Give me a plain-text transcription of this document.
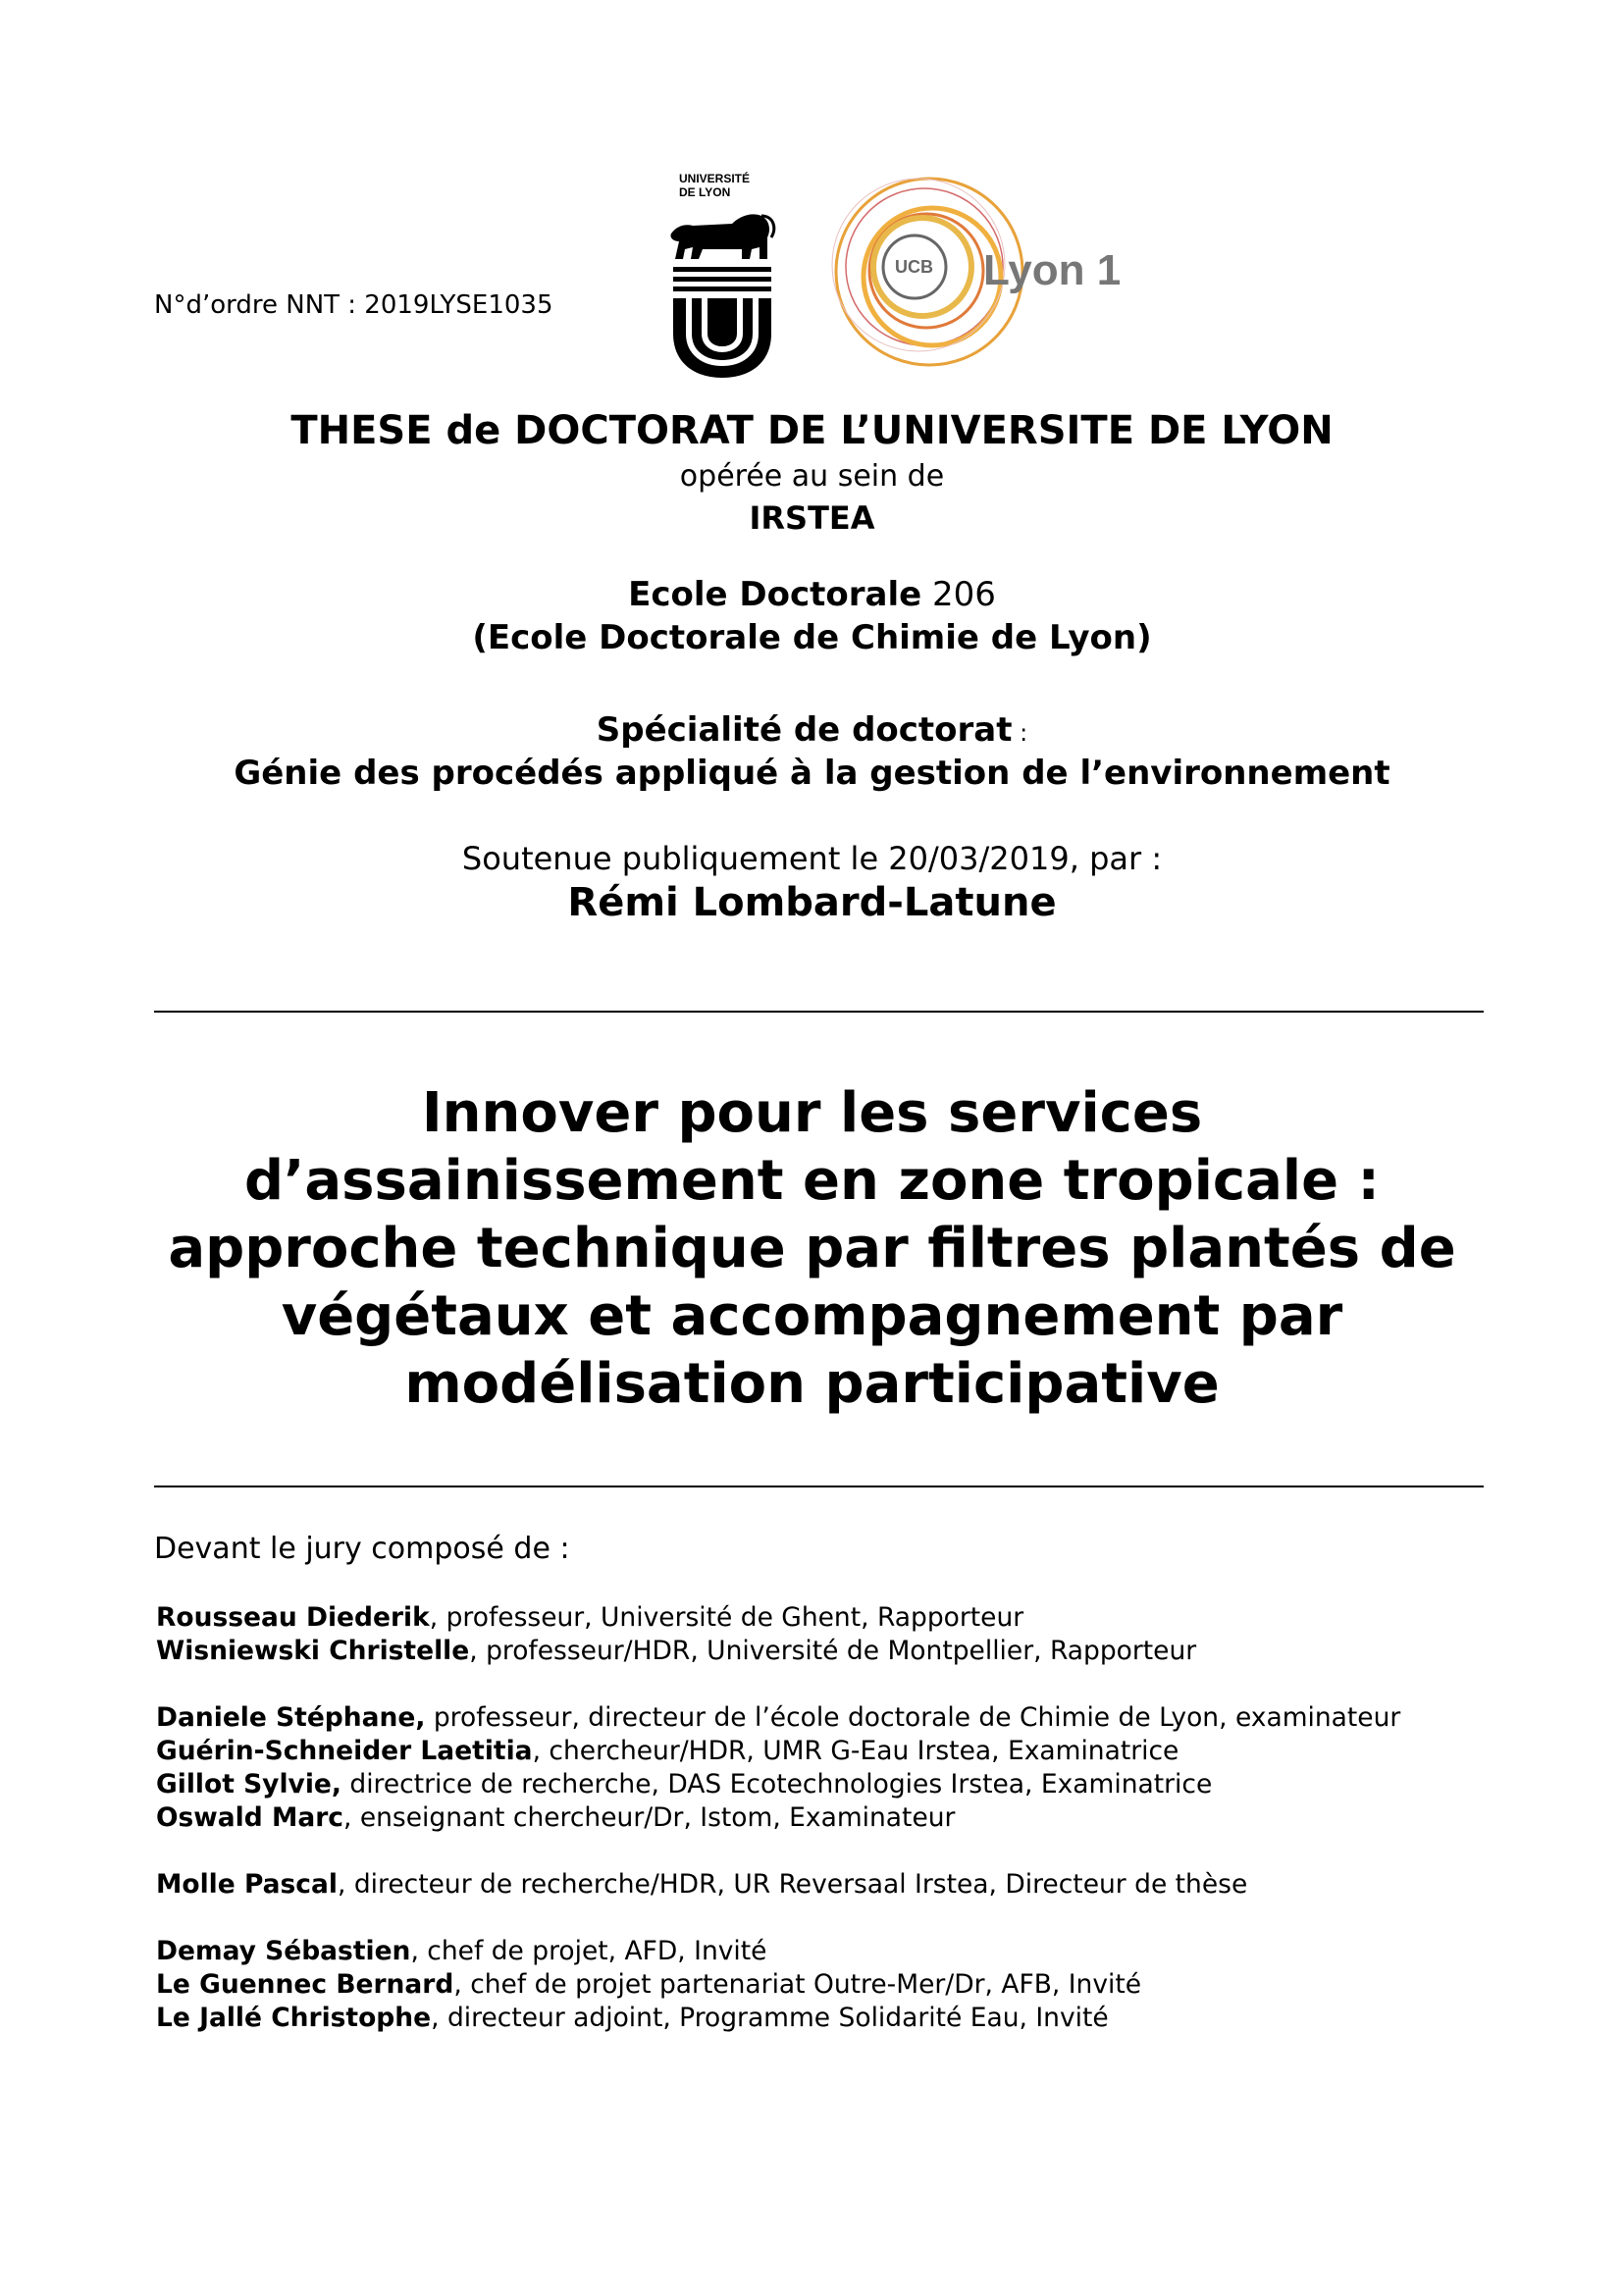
N°d’ordre NNT : 2019LYSE1035
UNIVERSITÉ
DE LYON
UCB Lyon 1
THESE de DOCTORAT DE L’UNIVERSITE DE LYON
opérée au sein de
IRSTEA
Ecole Doctorale 206
(Ecole Doctorale de Chimie de Lyon)
Spécialité de doctorat :
Génie des procédés appliqué à la gestion de l’environnement
Soutenue publiquement le 20/03/2019, par :
Rémi Lombard-Latune
Innover pour les services
d’assainissement en zone tropicale :
approche technique par filtres plantés de
végétaux et accompagnement par
modélisation participative
Devant le jury composé de :
Rousseau Diederik, professeur, Université de Ghent, Rapporteur
Wisniewski Christelle, professeur/HDR, Université de Montpellier, Rapporteur
Daniele Stéphane, professeur, directeur de l’école doctorale de Chimie de Lyon, examinateur
Guérin-Schneider Laetitia, chercheur/HDR, UMR G-Eau Irstea, Examinatrice
Gillot Sylvie, directrice de recherche, DAS Ecotechnologies Irstea, Examinatrice
Oswald Marc, enseignant chercheur/Dr, Istom, Examinateur
Molle Pascal, directeur de recherche/HDR, UR Reversaal Irstea, Directeur de thèse
Demay Sébastien, chef de projet, AFD, Invité
Le Guennec Bernard, chef de projet partenariat Outre-Mer/Dr, AFB, Invité
Le Jallé Christophe, directeur adjoint, Programme Solidarité Eau, Invité
